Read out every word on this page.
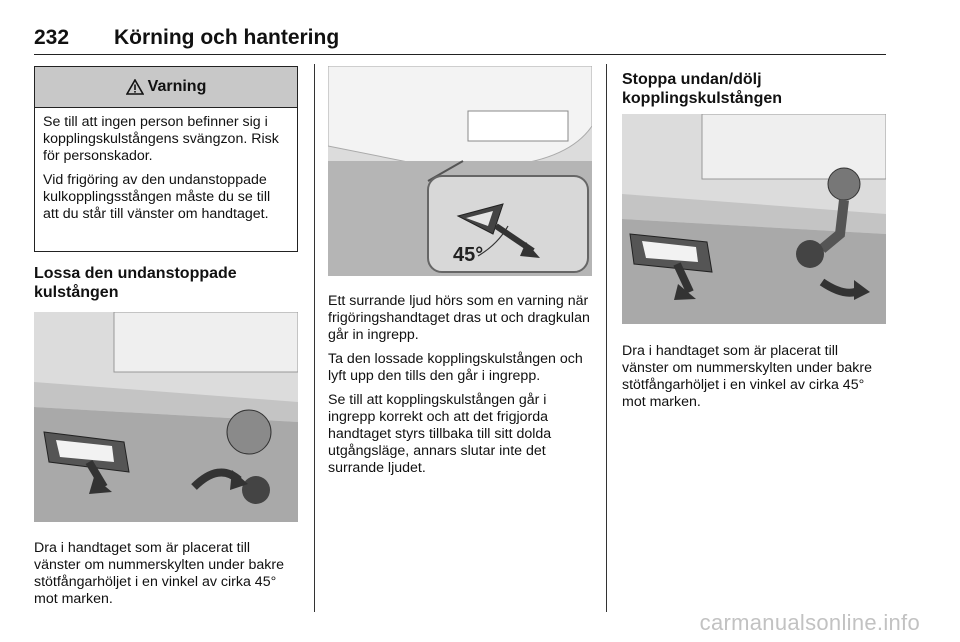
232 Körning och hantering
Varning

Se till att ingen person befinner sig i kopplingskulstångens svängzon. Risk för personskador.

Vid frigöring av den undanstoppade kulkopplingsstången måste du se till att du står till vänster om handtaget.

Lossa den undanstoppade kulstången
Dra i handtaget som är placerat till vänster om nummerskylten under bakre stötfångarhöljet i en vinkel av cirka 45° mot marken.
45°

Ett surrande ljud hörs som en varning när frigöringshandtaget dras ut och dragkulan går in ingrepp.

Ta den lossade kopplingskulstången och lyft upp den tills den går i ingrepp.

Se till att kopplingskulstången går i ingrepp korrekt och att det frigjorda handtaget styrs tillbaka till sitt dolda utgångsläge, annars slutar inte det surrande ljudet.

Stoppa undan/dölj kopplingskulstången
Dra i handtaget som är placerat till vänster om nummerskylten under bakre stötfångarhöljet i en vinkel av cirka 45° mot marken.
carmanualsonline.info
